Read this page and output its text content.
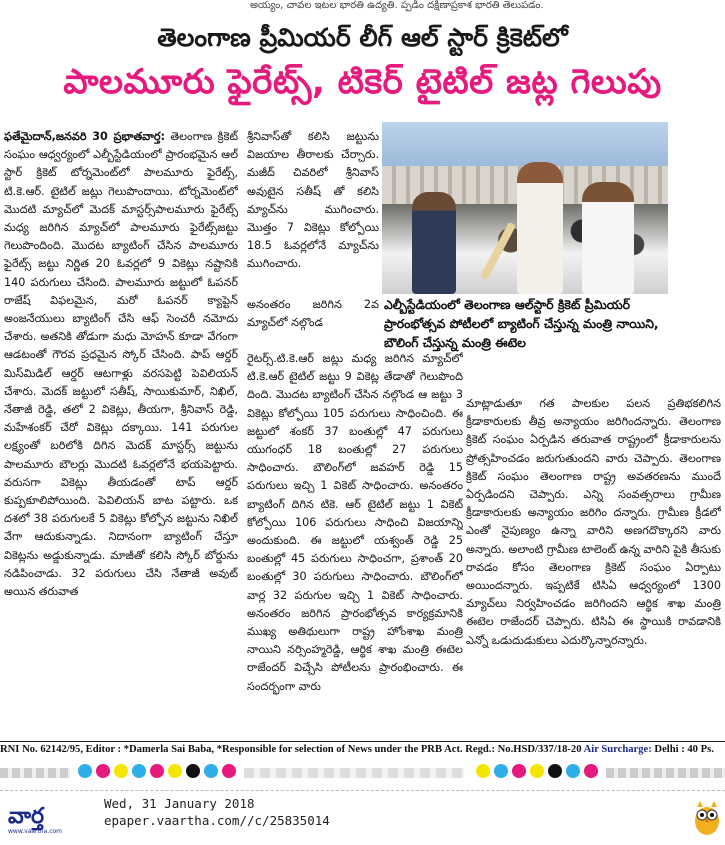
అయ్యం, చావల ఇటల భారతి ఉద్యతి. ప్పడిం దక్షిణాప్రకాశ భారతి తెలుపడం.
తెలంగాణ ప్రీమియర్ లీగ్ ఆల్ స్టార్ క్రికెట్‌లో
పాలమూరు ఫైరేట్స్, టికెర్ టైటిల్ జట్ల గెలుపు

ఫతేమైదాన్,జనవరి 30 ప్రభాతవార్త: తెలంగాణ క్రికెట్ సంఘం ఆధ్వర్యంలో ఎల్బీస్టేడియంలో ప్రారంభమైన ఆల్ స్టార్ క్రికెట్ టోర్నమెంట్‌లో పాలమూరు ఫైరేట్స్, టి.కె.ఆర్. టైటిల్ జట్లు గెలుపొందాయి. టోర్నమెంట్‌లో మొదటి మ్యాచ్‌లో మెదక్ మాస్టర్స్‌పాలమూరు ఫైరేట్స్ మధ్య జరిగిన మ్యాచ్‌లో పాలమూరు ఫైరేట్స్‌జట్టు గెలుపొందింది. మొదట బ్యాటింగ్ చేసిన పాలమూరు ఫైరేట్స్ జట్టు నిర్ణిత 20 ఓవర్లలో 9 వికెట్లు నష్టానికి 140 పరుగులు చేసింది. పాలమూరు జట్టులో ఓపనర్ రాజేష్ విఫలమైన, మరో ఓపనర్ క్యాప్టెన్ అంజనేయులు బ్యాటింగ్ చేసి ఆఫ్ సెంచరీ నమోదు చేశారు. అతనికి తోడుగా మధు మోహన్ కూడా వేగంగా ఆడటంతో గౌరవ ప్రధమైన స్కోర్ చేసింది. పాప్ ఆర్డర్ మిస్‌మిడిల్ ఆర్డర్ ఆటగాళ్లు వరసపెట్టి పెవిలియన్ చేశారు. మెదక్ జట్టులో సతీష్, సాయికుమార్, నిఖిల్, నేతాజీ రెడ్డి, తలో 2 వికెట్లు, తీయగా, శ్రీనివాస్ రెడ్డి, మహేశంకర్ చేరో వికెట్లు దక్కాయి. 141 పరుగుల లక్ష్యంతో బరిలోకి దిగిన మెదక్ మాస్టర్స్ జట్టును పాలమూరు బౌలర్లు మొదటి ఓవర్లలోనే భయపెట్టారు. వరుసగా వికెట్లు తీయడంతో టాప్ ఆర్డర్ కుప్పకూలిపోయింది. పెవిలియన్ బాట పట్టారు. ఒక దశలో 38 పరుగులకే 5 వికెట్లు కోల్పోన జట్టును నిఖిల్ వేగా ఆదుకున్నాడు. నిదానంగా బ్యాటింగ్ చేస్తూ వికెట్లను అడ్డుకున్నాడు. మాజీతో కలిసి స్కోర్ బోర్డును నడిపించాడు. 32 పరుగులు చేసి నేతాజీ అవుట్ అయిన తరువాత

శ్రీనివాస్‌తో కలిసి జట్టును విజయాల తీరాలకు చేర్చారు. మజీద్ చివరిలో శ్రీనివాస్ అవుటైన సతీష్ తో కలిసి మ్యాచ్‌ను ముగించారు. మొత్తం 7 వికెట్లు కోల్పోయి 18.5 ఓవర్లలోనే మ్యాచ్‌ను ముగించారు.

అనంతరం జరిగిన 2వ మ్యాచ్‌లో నల్గొండ

రైటర్స్‌.టి.కె.ఆర్ జట్లు మధ్య జరిగిన మ్యాచ్‌లో టి.కె.ఆర్ టైటిల్ జట్టు 9 వికెట్ల తేడాతో గెలుపొంది దింది. మొదట బ్యాటింగ్ చేసిన నల్గొండ ఆ జట్టు 3 వికెట్లు కోల్పోయి 105 పరుగులు సాధించింది. ఈ జట్టులో శంకర్ 37 బంతుల్లో 47 పరుగులు యుగంధర్ 18 బంతుల్లో 27 పరుగులు సాధించారు. బౌలింగ్‌లో జవహర్ రెడ్డి 15 పరుగులు ఇచ్చి 1 వికెట్ సాధించారు. అనంతరం బ్యాటింగ్ దిగిన టికె. ఆర్ టైటిల్ జట్టు 1 వికెట్ కోల్పోయి 106 పరుగులు సాధించి విజయాన్ని అందుకుంది. ఈ జట్టులో యశ్వంత్ రెడ్డి 25 బంతుల్లో 45 పరుగులు సాధించగా, ప్రశాంత్ 20 బంతుల్లో 30 పరుగులు సాధించారు. బౌలింగ్‌లో వార్ల 32 పరుగుల ఇచ్చి 1 వికెట్ సాధించారు. అనంతరం జరిగిన ప్రారంభోత్సవ కార్యక్రమానికి ముఖ్య అతిథులుగా రాష్ట్ర హోంశాఖ మంత్రి నాయిని నర్సింహ్మరెడ్డి, ఆర్థిక శాఖ మంత్రి ఈటెల రాజేందర్ విచ్చేసి పోటీలను ప్రారంభించారు. ఈ సందర్భంగా వారు

ఎల్బీస్టేడియంలో తెలంగాణ ఆల్‌స్టార్ క్రికెట్ ప్రీమియర్ ప్రారంభోత్సవ పోటీలలో బ్యాటింగ్ చేస్తున్న మంత్రి నాయిని, బౌలింగ్ చేస్తున్న మంత్రి ఈటెల

మాట్లాడుతూ గత పాలకుల పలన ప్రతిభకలిగిన క్రీడాకారులకు తీవ్ర అన్యాయం జరిగిందన్నారు. తెలంగాణ క్రికెట్ సంఘం ఏర్పడిన తరువాత రాష్ట్రంలో క్రీడాకారులను ప్రోత్సహించడం జరుగుతుందని వారు చెప్పారు. తెలంగాణ క్రికెట్ సంఘం తెలంగాణ రాష్ట్ర అవతరణను ముందే ఏర్పడిందని చెప్పారు. ఎన్ని సంవత్సరాలు గ్రామీణ క్రీడాకారులకు అన్యాయం జరిగిం దన్నారు. గ్రామీణ క్రీడలో ఎంతో నైపుణ్యం ఉన్నా వారిని అణగదొక్కారని వారు అన్నారు. అలాంటి గ్రామీణ టాలెంట్ ఉన్న వారిని పైకి తీసుకు రావడం కోసం తెలంగాణ క్రికెట్ సంఘం ఏర్పాటు అయిందన్నారు. ఇప్పటికే టిసిఏ ఆధ్వర్యంలో 1300 మ్యాచ్‌లు నిర్వహించడం జరిగిందని ఆర్థిక శాఖ మంత్రి ఈటెల రాజేందర్ చెప్పారు. టిసిఏ ఈ స్థాయికి రావడానికి ఎన్నో ఒడుదుడుకులు ఎదుర్కొన్నారన్నారు.

RNI No. 62142/95, Editor : *Damerla Sai Baba, *Responsible for selection of News under the PRB Act. Regd.: No.HSD/337/18-20 Air Surcharge: Delhi : 40 Ps.
వార్త
www.vaartha.com
Wed, 31 January 2018
epaper.vaartha.com//c/25835014
